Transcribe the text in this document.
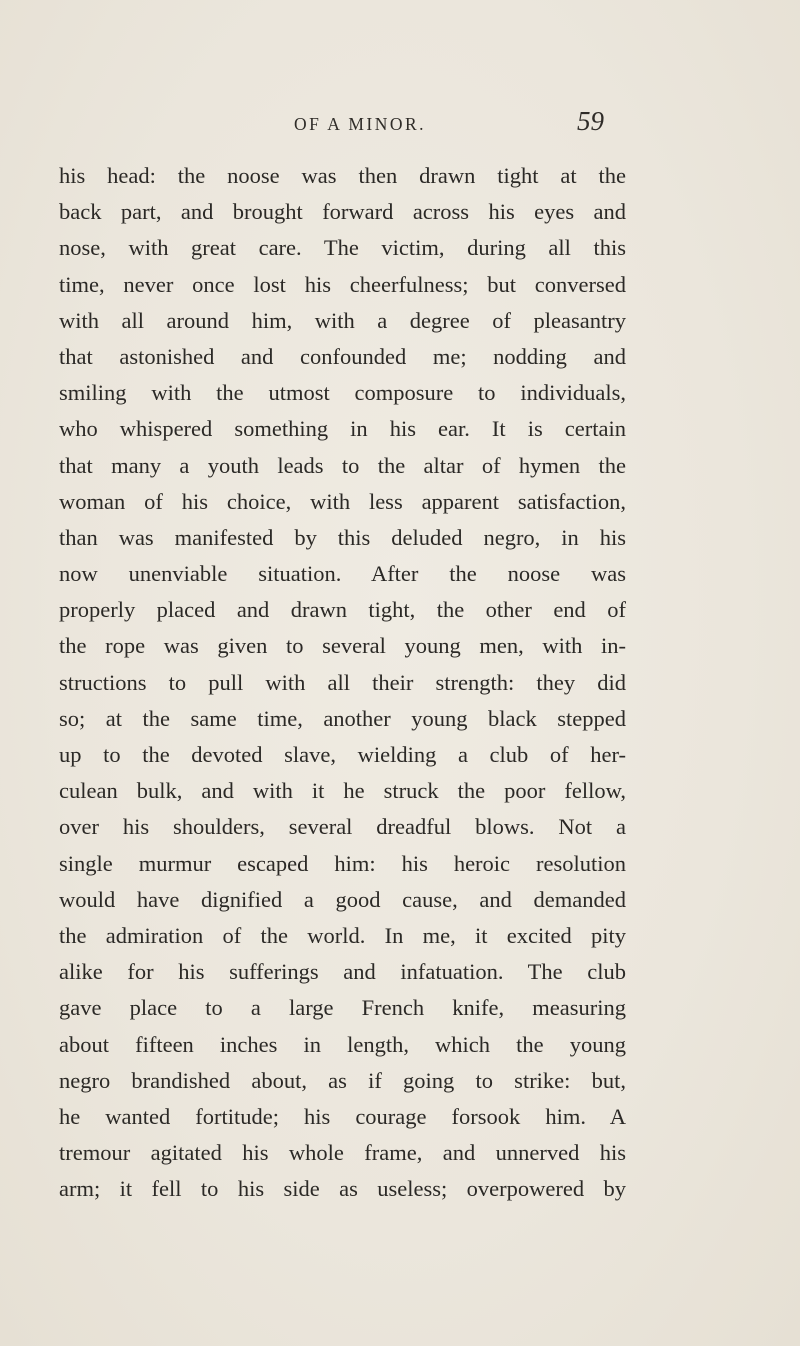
OF A MINOR.	59
his head: the noose was then drawn tight at the
back part, and brought forward across his eyes and
nose, with great care. The victim, during all this
time, never once lost his cheerfulness; but conversed
with all around him, with a degree of pleasantry
that astonished and confounded me; nodding and
smiling with the utmost composure to individuals,
who whispered something in his ear. It is certain
that many a youth leads to the altar of hymen the
woman of his choice, with less apparent satisfaction,
than was manifested by this deluded negro, in his
now unenviable situation. After the noose was
properly placed and drawn tight, the other end of
the rope was given to several young men, with in-
structions to pull with all their strength: they did
so; at the same time, another young black stepped
up to the devoted slave, wielding a club of her-
culean bulk, and with it he struck the poor fellow,
over his shoulders, several dreadful blows. Not a
single murmur escaped him: his heroic resolution
would have dignified a good cause, and demanded
the admiration of the world. In me, it excited pity
alike for his sufferings and infatuation. The club
gave place to a large French knife, measuring
about fifteen inches in length, which the young
negro brandished about, as if going to strike: but,
he wanted fortitude; his courage forsook him. A
tremour agitated his whole frame, and unnerved his
arm; it fell to his side as useless; overpowered by
